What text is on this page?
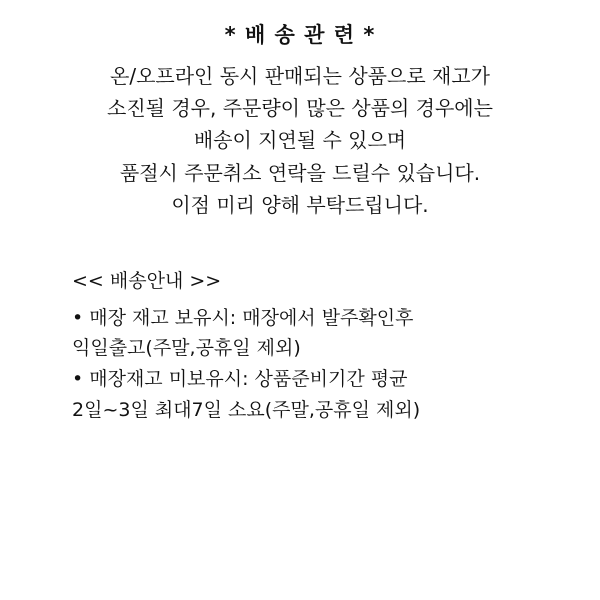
* 배 송 관 련 *

온/오프라인 동시 판매되는 상품으로 재고가

소진될 경우, 주문량이 많은 상품의 경우에는

배송이 지연될 수 있으며

품절시 주문취소 연락을 드릴수 있습니다.

이점 미리 양해 부탁드립니다.

<< 배송안내 >>

• 매장 재고 보유시: 매장에서 발주확인후

익일출고(주말,공휴일 제외)

• 매장재고 미보유시: 상품준비기간 평균

2일~3일 최대7일 소요(주말,공휴일 제외)
